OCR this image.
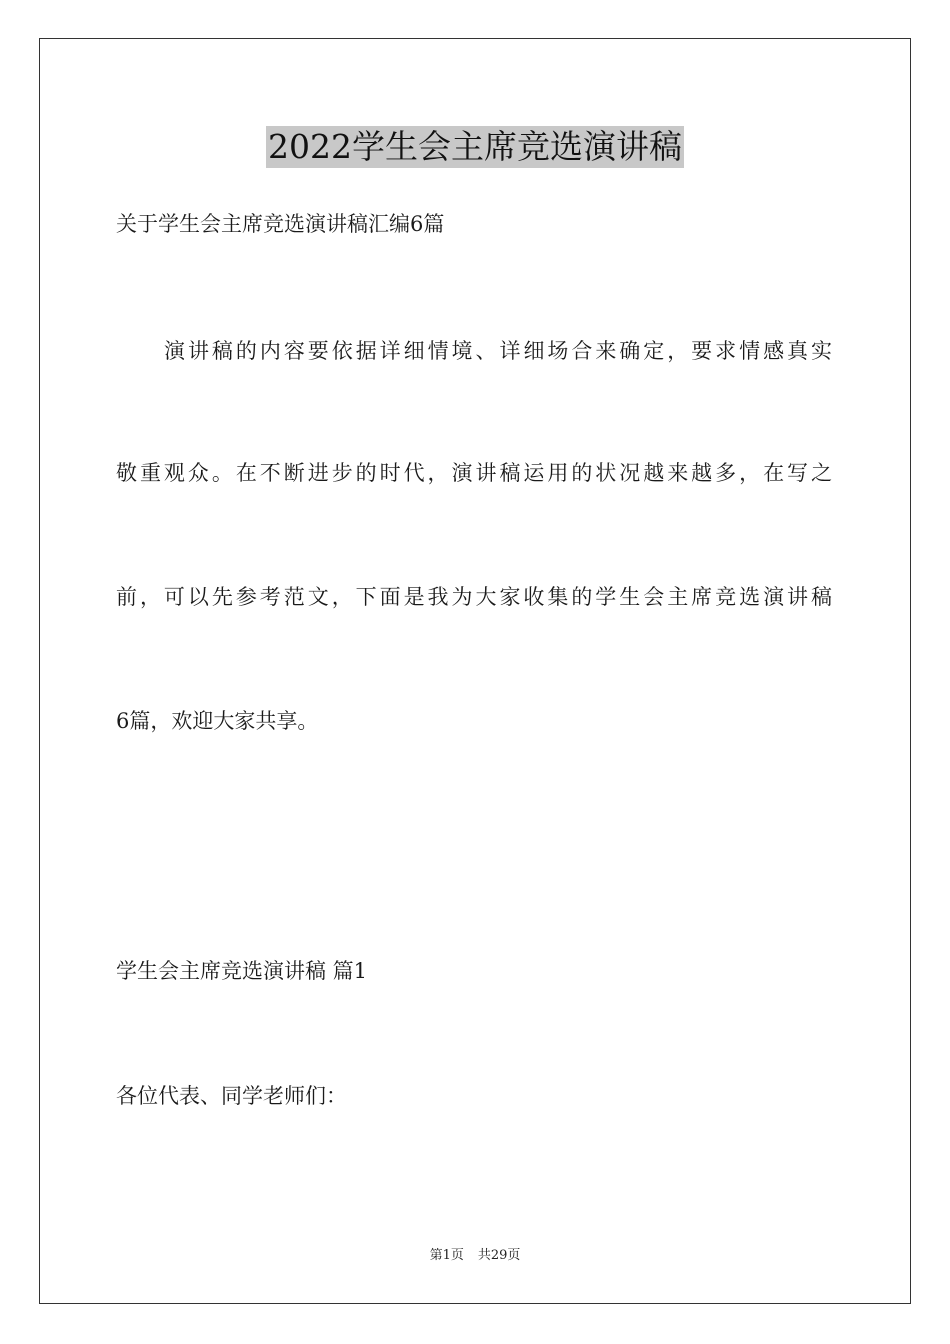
2022学生会主席竞选演讲稿
关于学生会主席竞选演讲稿汇编6篇
演讲稿的内容要依据详细情境、详细场合来确定，要求情感真实
敬重观众。在不断进步的时代，演讲稿运用的状况越来越多，在写之
前，可以先参考范文，下面是我为大家收集的学生会主席竞选演讲稿
6篇，欢迎大家共享。
学生会主席竞选演讲稿 篇1
各位代表、同学老师们：
第1页 共29页
